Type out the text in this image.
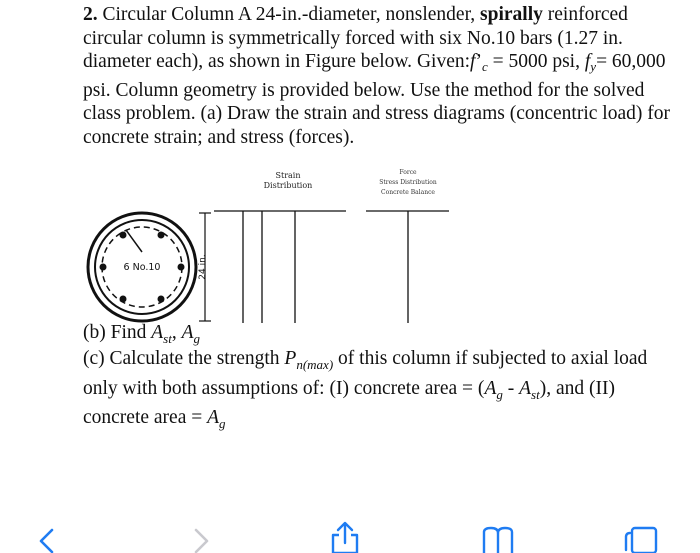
2. Circular Column A 24-in.-diameter, nonslender, spirally reinforced circular column is symmetrically forced with six No.10 bars (1.27 in. diameter each), as shown in Figure below. $Given:f’_c = 5000$ psi, $f_y= 60,000$ psi. Column geometry is provided below. Use the method for the solved class problem. (a) Draw the strain and stress diagrams (concentric load) for concrete strain; and stress (forces).
6 No.10	24 in.
Strain
Distribution
Force
Stress Distribution
Concrete Balance
(b) Find $A_{st}$, $A_g$
(c) Calculate the strength $P_{n(max)}$ of this column if subjected to axial load only with both assumptions of: (I) concrete area = $(A_g - A_{st})$, and (II) concrete area = $A_g$
